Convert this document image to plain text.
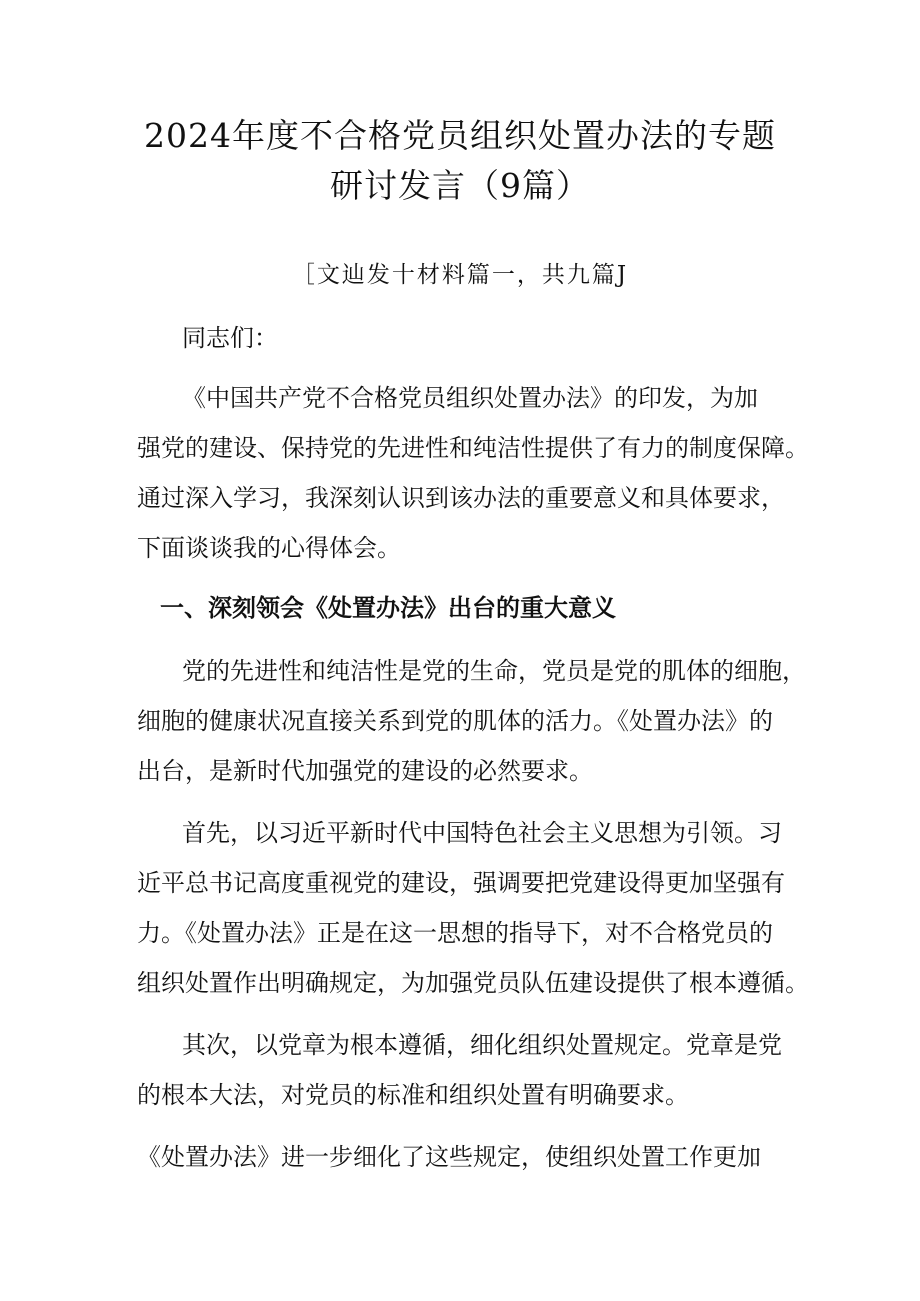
2024年度不合格党员组织处置办法的专题
研讨发言（9篇）
［文辿发十材料篇一，共九篇J
同志们：
《中国共产党不合格党员组织处置办法》的印发，为加
强党的建设、保持党的先进性和纯洁性提供了有力的制度保障。
通过深入学习，我深刻认识到该办法的重要意义和具体要求，
下面谈谈我的心得体会。
一、深刻领会《处置办法》出台的重大意义
党的先进性和纯洁性是党的生命，党员是党的肌体的细胞，
细胞的健康状况直接关系到党的肌体的活力。《处置办法》的
出台，是新时代加强党的建设的必然要求。
首先，以习近平新时代中国特色社会主义思想为引领。习
近平总书记高度重视党的建设，强调要把党建设得更加坚强有
力。《处置办法》正是在这一思想的指导下，对不合格党员的
组织处置作出明确规定，为加强党员队伍建设提供了根本遵循。
其次，以党章为根本遵循，细化组织处置规定。党章是党
的根本大法，对党员的标准和组织处置有明确要求。
《处置办法》进一步细化了这些规定，使组织处置工作更加
